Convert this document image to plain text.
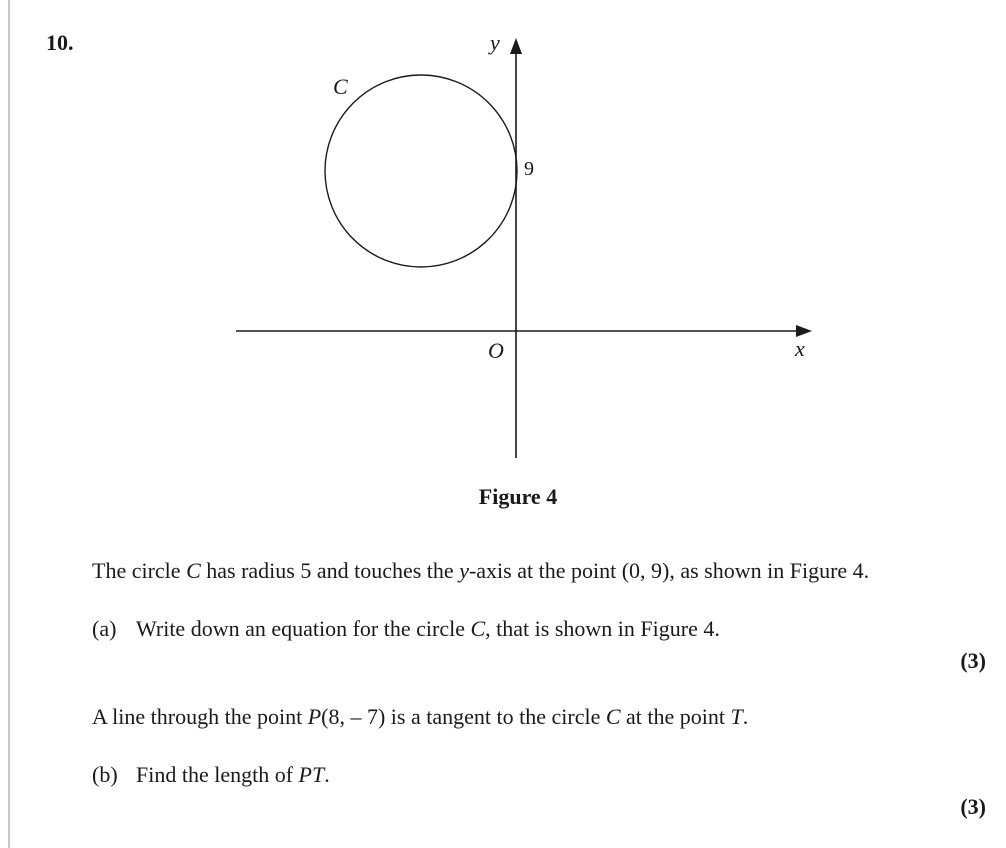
10.	y
x
O
C
9
Figure 4
The circle C has radius 5 and touches the y-axis at the point (0, 9), as shown in Figure 4.
(a) Write down an equation for the circle C, that is shown in Figure 4.
(3)
A line through the point P(8, – 7) is a tangent to the circle C at the point T.
(b) Find the length of PT.
(3)
